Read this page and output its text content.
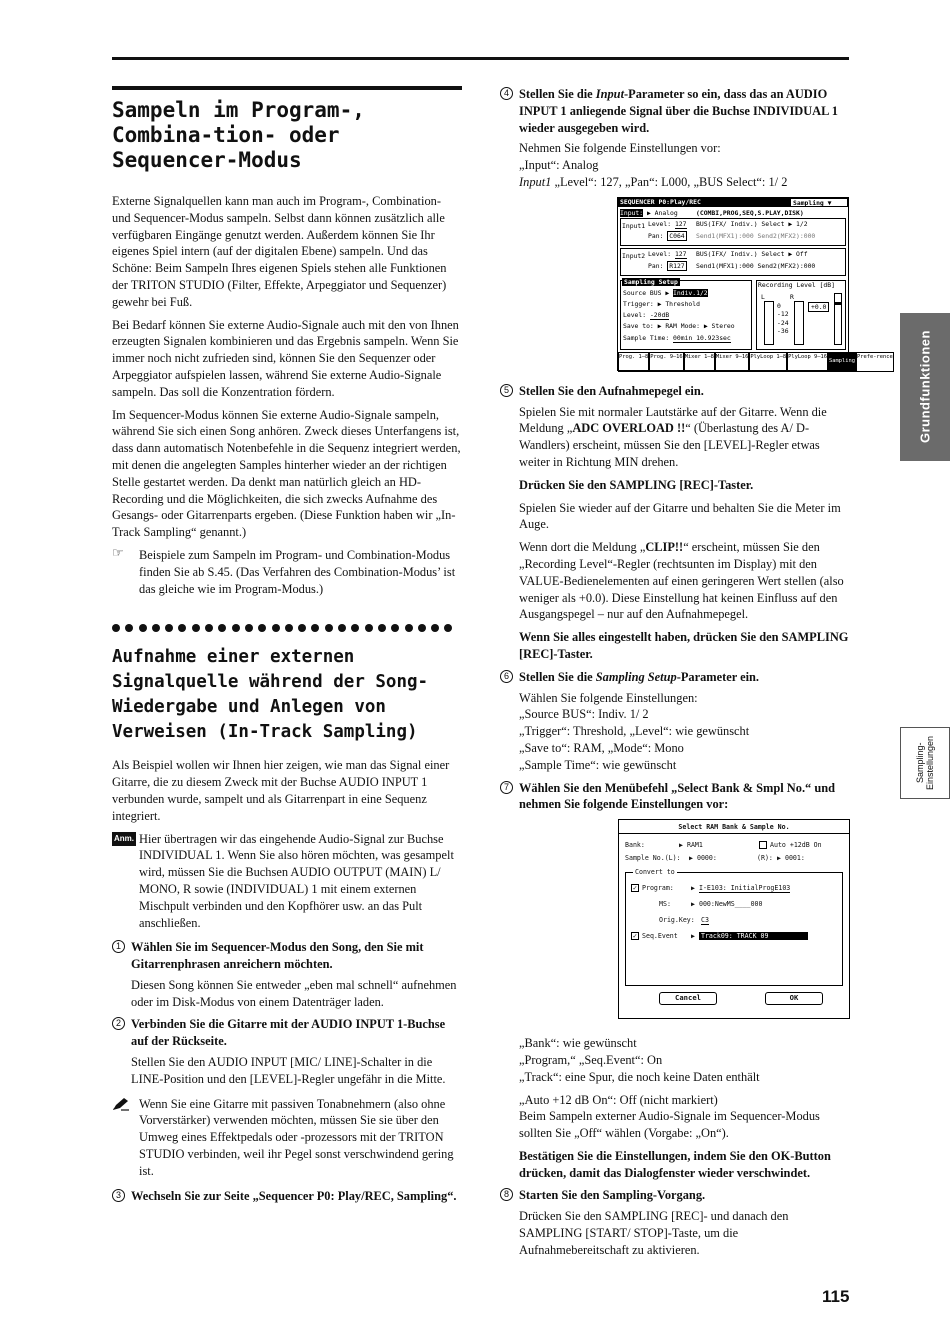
Sampeln im Program-, Combina-tion- oder Sequencer-Modus

Externe Signalquellen kann man auch im Program-, Combination- und Sequencer-Modus sampeln. Selbst dann können zusätzlich alle verfügbaren Eingänge genutzt werden. Außerdem können Sie Ihr eigenes Spiel intern (auf der digitalen Ebene) sampeln. Und das Schöne: Beim Sampeln Ihres eigenen Spiels stehen alle Funktionen der TRITON STUDIO (Filter, Effekte, Arpeggiator und Sequenzer) gewehr bei Fuß.

Bei Bedarf können Sie externe Audio-Signale auch mit den von Ihnen erzeugten Signalen kombinieren und das Ergebnis sampeln. Wenn Sie immer noch nicht zufrieden sind, können Sie den Sequenzer oder Arpeggiator aufspielen lassen, während Sie externe Audio-Signale sampeln. Das soll die Konzentration fördern.

Im Sequencer-Modus können Sie externe Audio-Signale sampeln, während Sie sich einen Song anhören. Zweck dieses Unterfangens ist, dass dann automatisch Notenbefehle in die Sequenz integriert werden, mit denen die angelegten Samples hinterher wieder an der richtigen Stelle gestartet werden. Da denkt man natürlich gleich an HD-Recording und die Möglichkeiten, die sich zwecks Aufnahme des Gesangs- oder Gitarrenparts ergeben. (Diese Funktion haben wir „In-Track Sampling“ genannt.)

☞ Beispiele zum Sampeln im Program- und Combination-Modus finden Sie ab S.45. (Das Verfahren des Combination-Modus’ ist das gleiche wie im Program-Modus.)
Aufnahme einer externen Signalquelle während der Song-Wiedergabe und Anlegen von Verweisen (In-Track Sampling)

Als Beispiel wollen wir Ihnen hier zeigen, wie man das Signal einer Gitarre, die zu diesem Zweck mit der Buchse AUDIO INPUT 1 verbunden wurde, sampelt und als Gitarrenpart in eine Sequenz integriert.

Anm. Hier übertragen wir das eingehende Audio-Signal zur Buchse INDIVIDUAL 1. Wenn Sie also hören möchten, was gesampelt wird, müssen Sie die Buchsen AUDIO OUTPUT (MAIN) L/ MONO, R sowie (INDIVIDUAL) 1 mit einem externen Mischpult verbinden und den Kopfhörer usw. an das Pult anschließen.
1 Wählen Sie im Sequencer-Modus den Song, den Sie mit Gitarrenphrasen anreichern möchten.

Diesen Song können Sie entweder „eben mal schnell“ aufnehmen oder im Disk-Modus von einem Datenträger laden.

2 Verbinden Sie die Gitarre mit der AUDIO INPUT 1-Buchse auf der Rückseite.

Stellen Sie den AUDIO INPUT [MIC/ LINE]-Schalter in die LINE-Position und den [LEVEL]-Regler ungefähr in die Mitte.

Wenn Sie eine Gitarre mit passiven Tonabnehmern (also ohne Vorverstärker) verwenden möchten, müssen Sie sie über den Umweg eines Effektpedals oder -prozessors mit der TRITON STUDIO verbinden, weil ihr Pegel sonst verschwindend gering ist.
3 Wechseln Sie zur Seite „Sequencer P0: Play/REC, Sampling“.
4 Stellen Sie die Input-Parameter so ein, dass das an AUDIO INPUT 1 anliegende Signal über die Buchse INDIVIDUAL 1 wieder ausgegeben wird.

Nehmen Sie folgende Einstellungen vor:

„Input“: Analog

Input1 „Level“: 127, „Pan“: L000, „BUS Select“: 1/ 2

SEQUENCER P0:Play/REC	Sampling ▼
Input: ▶ Analog	(COMBI,PROG,SEQ,S.PLAY,DISK)
Input1 Level: 127 BUS(IFX/ Indiv.) Select ▶ 1/2
Pan: C064	Send1(MFX1):000 Send2(MFX2):000
Input2 Level: 127 BUS(IFX/ Indiv.) Select ▶ Off
Pan: R127	Send1(MFX1):000 Send2(MFX2):000
Sampling Setup
Source BUS ▶ Indiv.1/2
Trigger: ▶ Threshold
Level: -20dB
Save to: ▶ RAM Mode: ▶ Stereo
Sample Time: 00min 10.923sec
Recording Level [dB]
L	R
0
-12
-24
-36
+0.0
Prog. 1–8 Prog. 9–16 Mixer 1–8 Mixer 9–16 PlyLoop 1–8 PlyLoop 9–16
Sampling
Prefe-rence
5 Stellen Sie den Aufnahmepegel ein.

Spielen Sie mit normaler Lautstärke auf der Gitarre. Wenn die Meldung „ADC OVERLOAD !!“ (Überlastung des A/ D-Wandlers) erscheint, müssen Sie den [LEVEL]-Regler etwas weiter in Richtung MIN drehen.

Drücken Sie den SAMPLING [REC]-Taster.

Spielen Sie wieder auf der Gitarre und behalten Sie die Meter im Auge.

Wenn dort die Meldung „CLIP!!“ erscheint, müssen Sie den „Recording Level“-Regler (rechtsunten im Display) mit den VALUE-Bedienelementen auf einen geringeren Wert stellen (also weniger als +0.0). Diese Einstellung hat keinen Einfluss auf den Ausgangspegel – nur auf den Aufnahmepegel.

Wenn Sie alles eingestellt haben, drücken Sie den SAMPLING [REC]-Taster.

6 Stellen Sie die Sampling Setup-Parameter ein.

Wählen Sie folgende Einstellungen:

„Source BUS“: Indiv. 1/ 2

„Trigger“: Threshold, „Level“: wie gewünscht

„Save to“: RAM, „Mode“: Mono

„Sample Time“: wie gewünscht

7 Wählen Sie den Menübefehl „Select Bank & Smpl No.“ und nehmen Sie folgende Einstellungen vor:
Select RAM Bank & Sample No.
Bank:	▶ RAM1	Auto +12dB On
Sample No.(L): ▶ 0000:	(R): ▶ 0001:
Convert to
✓ Program:	▶ I-E103: InitialProgE103
MS:	▶ 000:NewMS____000
Orig.Key: C3
✓ Seq.Event ▶ Track09: TRACK 09
Cancel	OK

„Bank“: wie gewünscht

„Program,“ „Seq.Event“: On

„Track“: eine Spur, die noch keine Daten enthält

„Auto +12 dB On“: Off (nicht markiert)

Beim Sampeln externer Audio-Signale im Sequencer-Modus sollten Sie „Off“ wählen (Vorgabe: „On“).

Bestätigen Sie die Einstellungen, indem Sie den OK-Button drücken, damit das Dialogfenster wieder verschwindet.

8 Starten Sie den Sampling-Vorgang.

Drücken Sie den SAMPLING [REC]- und danach den SAMPLING [START/ STOP]-Taste, um die Aufnahmebereitschaft zu aktivieren.

Grundfunktionen
Sampling-Einstellungen
115
